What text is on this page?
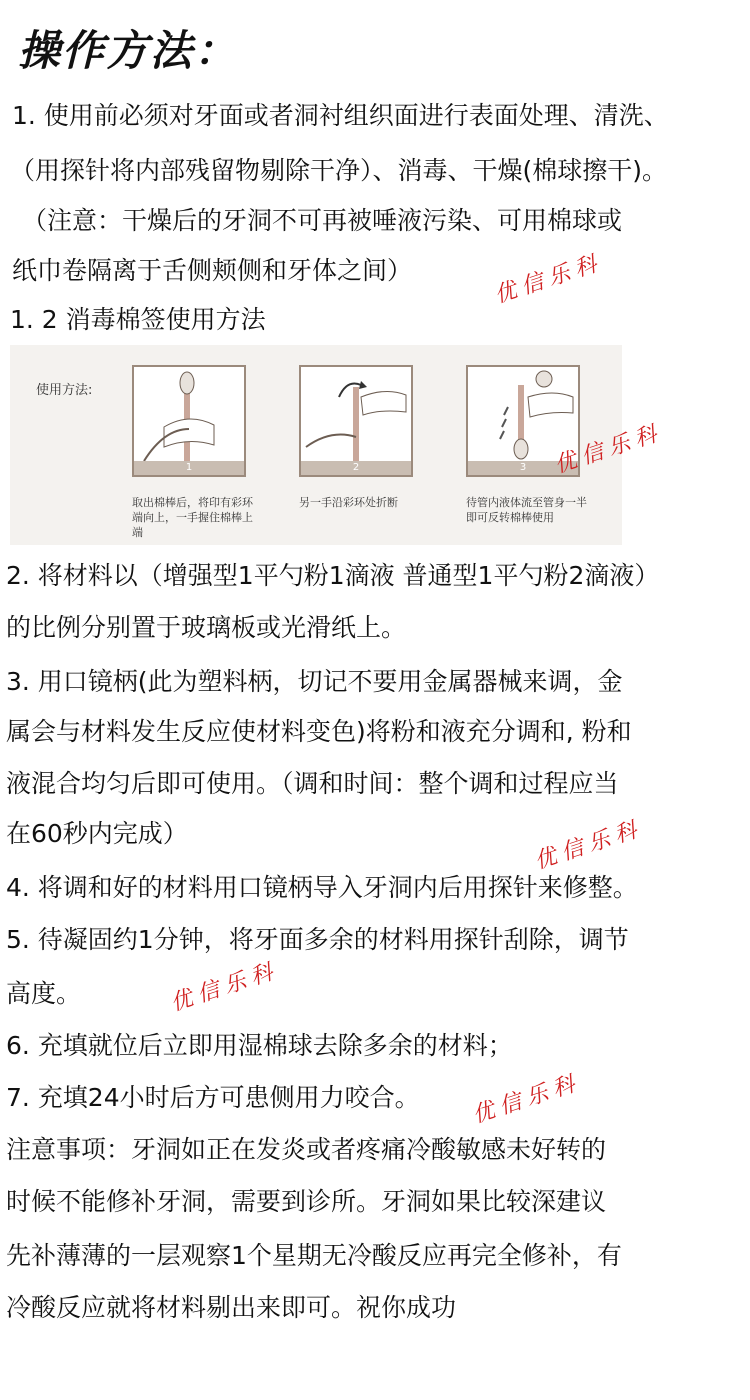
操作方法：
1. 使用前必须对牙面或者洞衬组织面进行表面处理、清洗、
（用探针将内部残留物剔除干净）、消毒、干燥(棉球擦干)。
（注意：干燥后的牙洞不可再被唾液污染、可用棉球或
纸巾卷隔离于舌侧颊侧和牙体之间）
1. 2 消毒棉签使用方法
使用方法:
1	2	3
取出棉棒后，将印有彩环端向上，一手握住棉棒上端
另一手沿彩环处折断	待管内液体流至管身一半即可反转棉棒使用
2. 将材料以（增强型1平勺粉1滴液 普通型1平勺粉2滴液）
的比例分别置于玻璃板或光滑纸上。
3. 用口镜柄(此为塑料柄，切记不要用金属器械来调，金
属会与材料发生反应使材料变色)将粉和液充分调和, 粉和
液混合均匀后即可使用。（调和时间：整个调和过程应当
在60秒内完成）
4. 将调和好的材料用口镜柄导入牙洞内后用探针来修整。
5. 待凝固约1分钟，将牙面多余的材料用探针刮除，调节
高度。
6. 充填就位后立即用湿棉球去除多余的材料；
7. 充填24小时后方可患侧用力咬合。
注意事项：牙洞如正在发炎或者疼痛冷酸敏感未好转的
时候不能修补牙洞，需要到诊所。牙洞如果比较深建议
先补薄薄的一层观察1个星期无冷酸反应再完全修补，有
冷酸反应就将材料剔出来即可。祝你成功
优信乐科
优信乐科
优信乐科
优信乐科
优信乐科
